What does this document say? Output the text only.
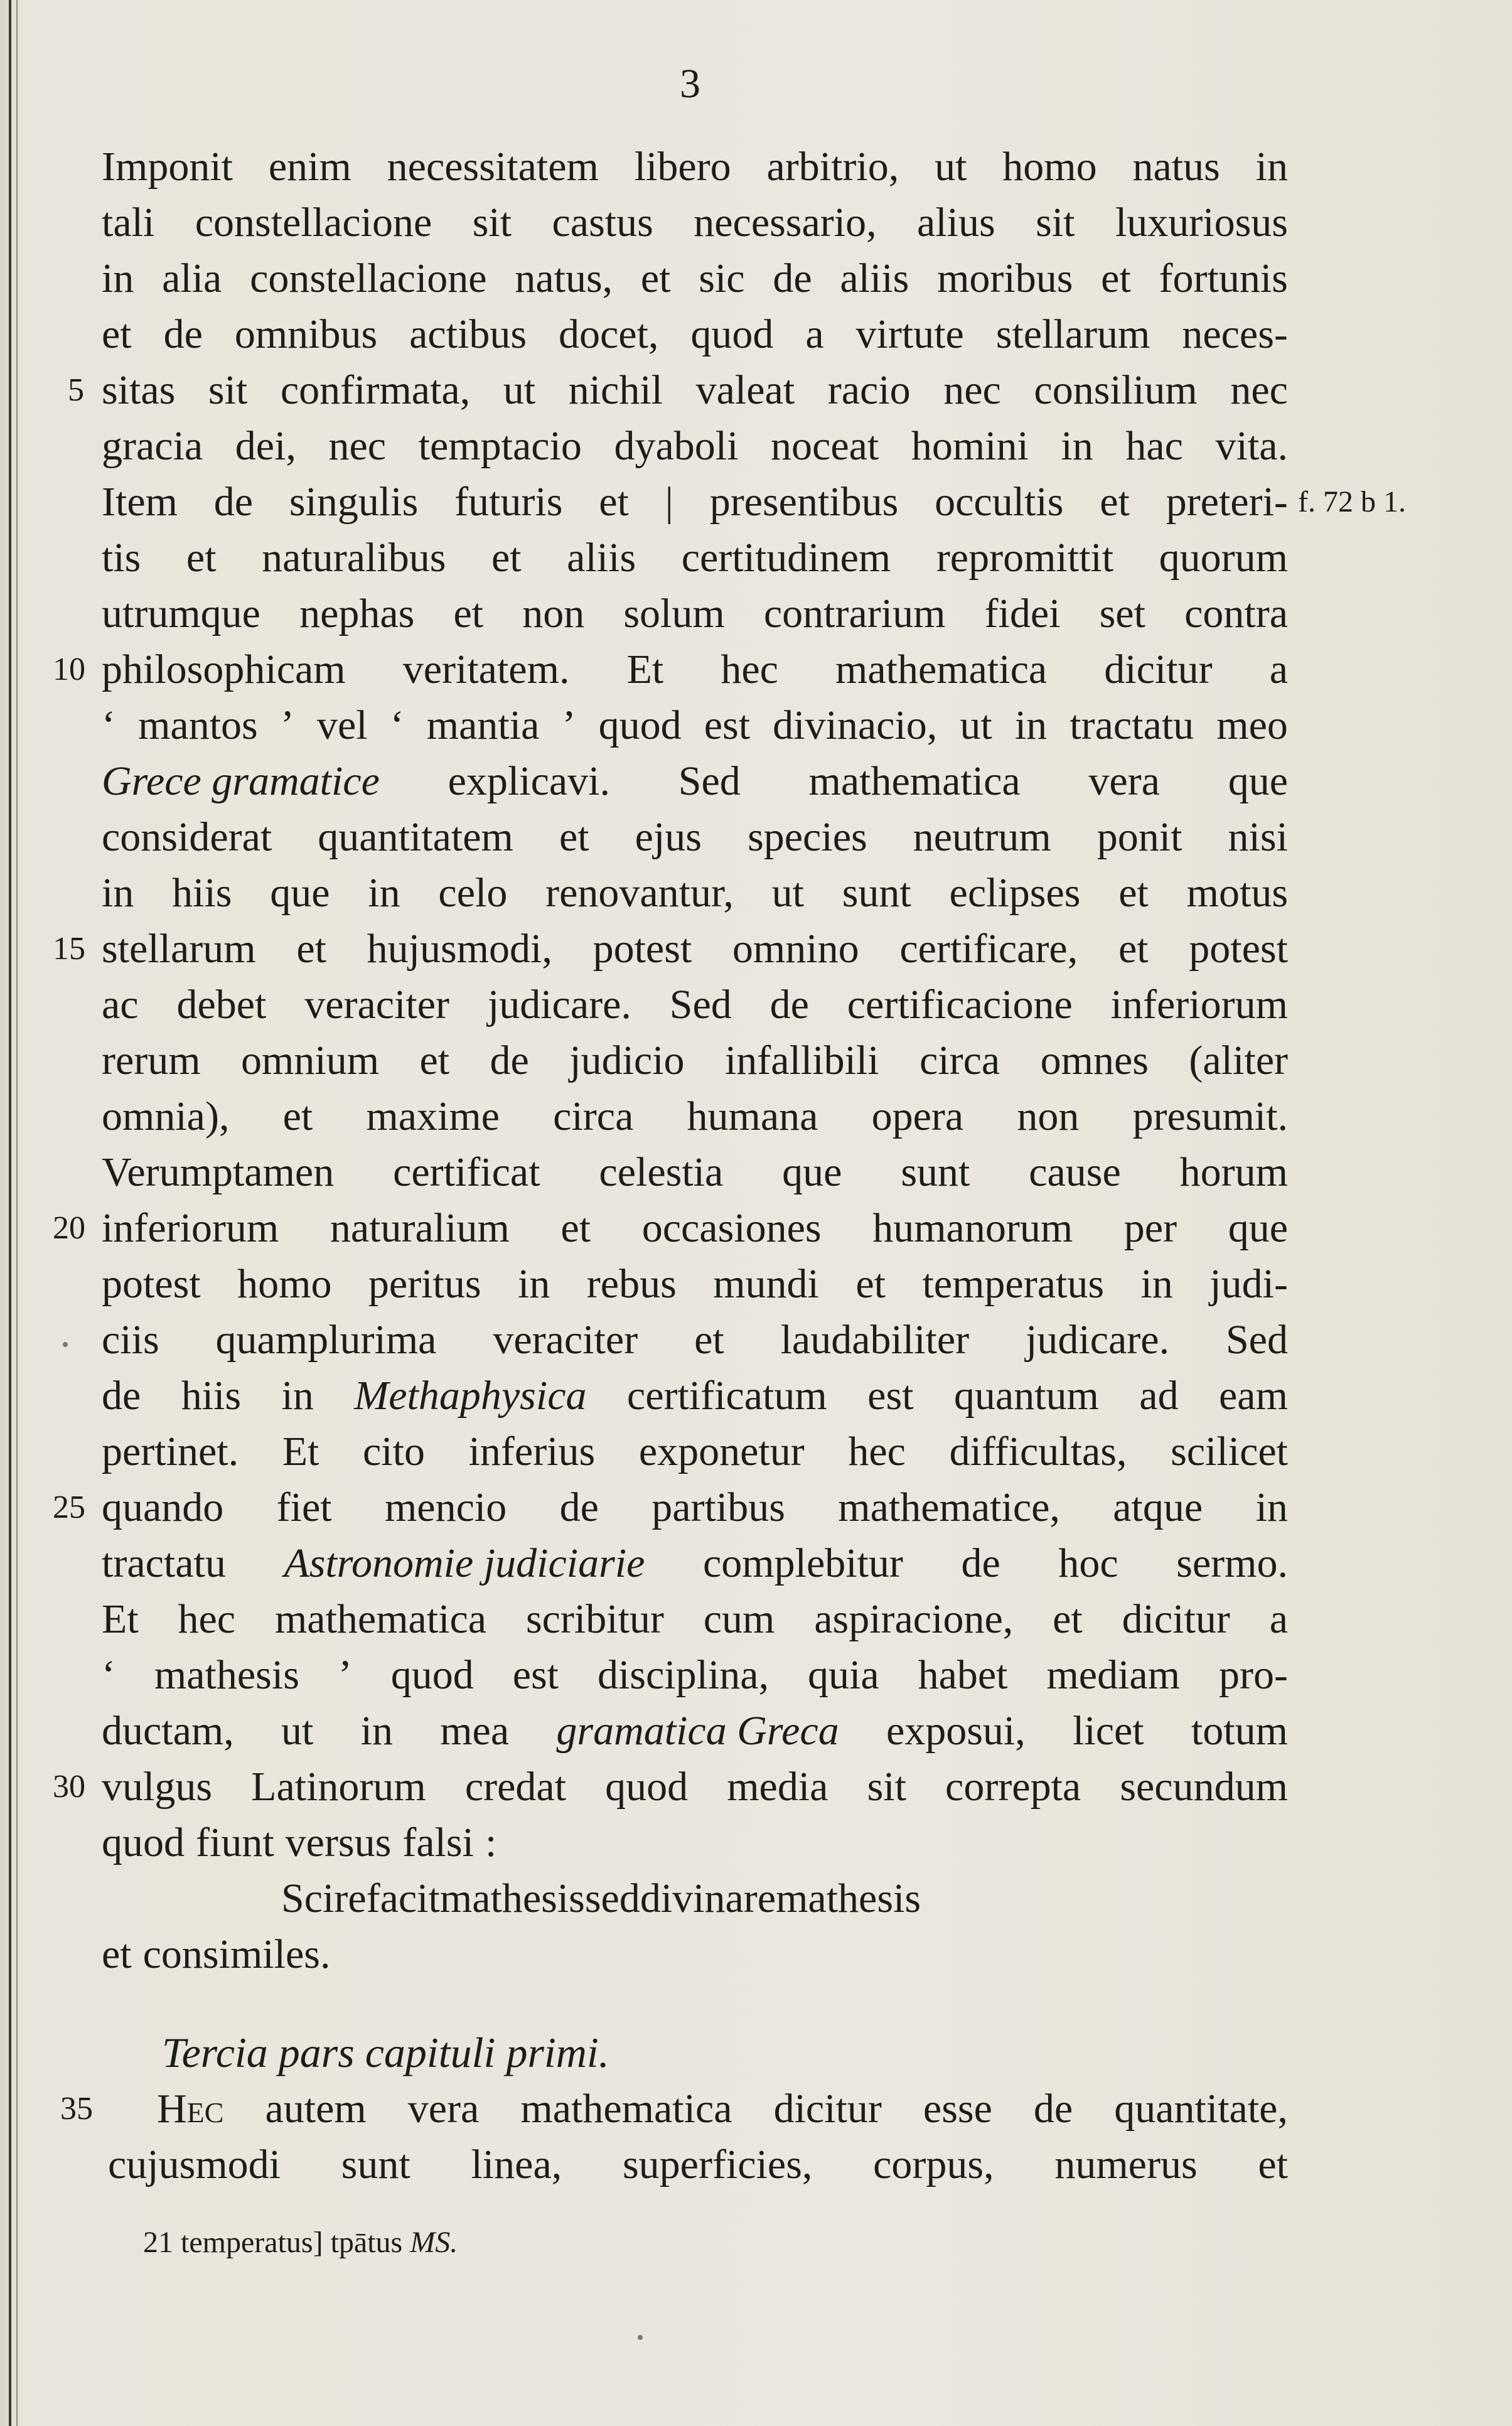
3
f. 72 b 1.
Tercia pars capituli primi.
21 temperatus] tpātus MS.
Imponit enim necessitatem libero arbitrio, ut homo natus in
tali constellacione sit castus necessario, alius sit luxuriosus
in alia constellacione natus, et sic de aliis moribus et fortunis
et de omnibus actibus docet, quod a virtute stellarum neces-
sitas sit confirmata, ut nichil valeat racio nec consilium nec
5
gracia dei, nec temptacio dyaboli noceat homini in hac vita.
Item de singulis futuris et | presentibus occultis et preteri-
tis et naturalibus et aliis certitudinem repromittit quorum
utrumque nephas et non solum contrarium fidei set contra
philosophicam veritatem. Et hec mathematica dicitur a
10
‘ mantos ’ vel ‘ mantia ’ quod est divinacio, ut in tractatu meo
Grece gramatice explicavi. Sed mathematica vera que
considerat quantitatem et ejus species neutrum ponit nisi
in hiis que in celo renovantur, ut sunt eclipses et motus
stellarum et hujusmodi, potest omnino certificare, et potest
15
ac debet veraciter judicare. Sed de certificacione inferiorum
rerum omnium et de judicio infallibili circa omnes (aliter
omnia), et maxime circa humana opera non presumit.
Verumptamen certificat celestia que sunt cause horum
inferiorum naturalium et occasiones humanorum per que
20
potest homo peritus in rebus mundi et temperatus in judi-
ciis quamplurima veraciter et laudabiliter judicare. Sed
de hiis in Methaphysica certificatum est quantum ad eam
pertinet. Et cito inferius exponetur hec difficultas, scilicet
quando fiet mencio de partibus mathematice, atque in
25
tractatu Astronomie judiciarie complebitur de hoc sermo.
Et hec mathematica scribitur cum aspiracione, et dicitur a
‘ mathesis ’ quod est disciplina, quia habet mediam pro-
ductam, ut in mea gramatica Greca exposui, licet totum
vulgus Latinorum credat quod media sit correpta secundum
30
quod fiunt versus falsi :
Scire facit mathesis sed divinare mathesis
et consimiles.
Hec autem vera mathematica dicitur esse de quantitate,
cujusmodi sunt linea, superficies, corpus, numerus et
35
